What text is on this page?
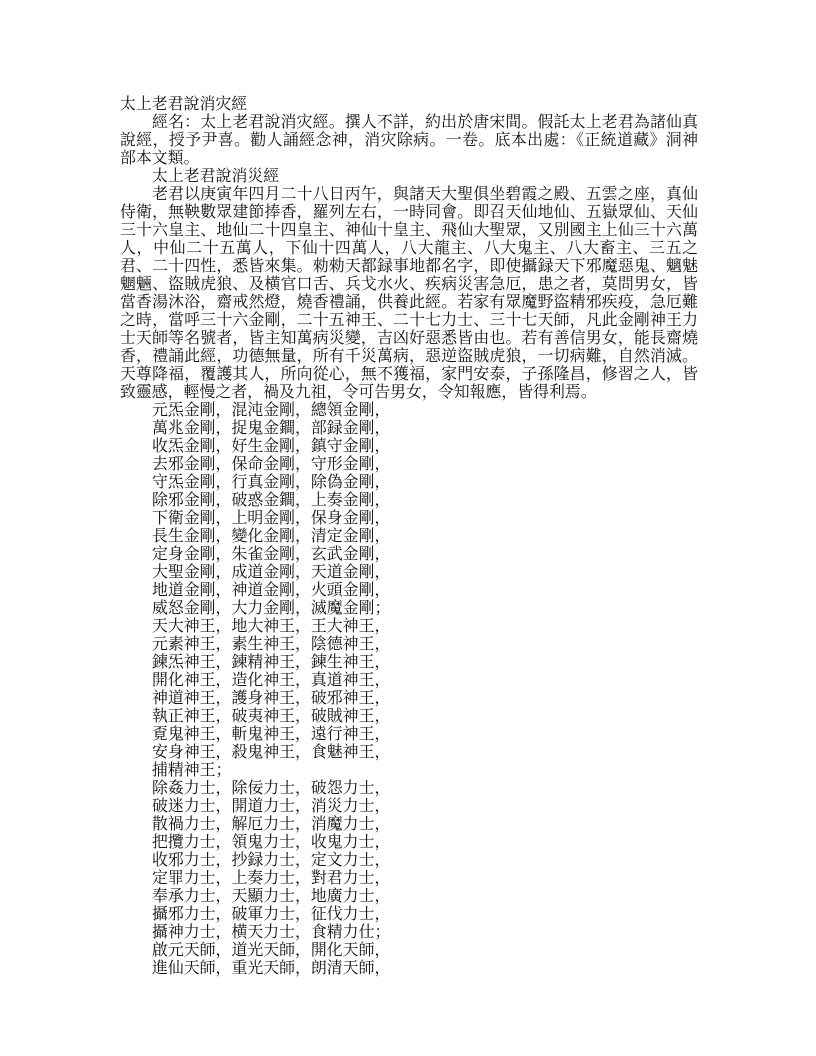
太上老君說消灾經

經名：太上老君說消灾經。撰人不詳，約出於唐宋間。假託太上老君為諸仙真說經，授予尹喜。勸人誦經念神，消灾除病。一卷。底本出處：《正統道藏》洞神部本文類。

太上老君說消災經

老君以庚寅年四月二十八日丙午，與諸天大聖俱坐碧霞之殿、五雲之座，真仙侍衛，無鞅數眾建節捧香，羅列左右，一時同會。即召天仙地仙、五嶽眾仙、天仙三十六皇主、地仙二十四皇主、神仙十皇主、飛仙大聖眾，又別國主上仙三十六萬人，中仙二十五萬人，下仙十四萬人，八大龍主、八大鬼主、八大畜主、三五之君、二十四性，悉皆來集。勑勑天都録事地都名字，即使攝録天下邪魔惡鬼、魑魅魍魎、盜賊虎狼、及横官口舌、兵戈水火、疾病災害急厄，患之者，莫問男女，皆當香湯沐浴，齋戒然燈，燒香禮誦，供養此經。若家有眾魔野盜精邪疾疫，急厄難之時，當呼三十六金剛，二十五神王、二十七力士、三十七天師，凡此金剛神王力士天師等名號者，皆主知萬病災變，吉凶好惡悉皆由也。若有善信男女，能長齋燒香，禮誦此經，功德無量，所有千災萬病，惡逆盜賊虎狼，一切病難，自然消滅。天尊降福，覆護其人，所向從心，無不獲福，家門安泰，子孫隆昌，修習之人，皆致靈感，輕慢之者，禍及九祖，令可告男女，令知報應，皆得利焉。

元炁金剛，混沌金剛，總領金剛，

萬兆金剛，捉鬼金鐧，部録金剛，

收炁金剛，好生金剛，鎮守金剛，

去邪金剛，保命金剛，守形金剛，

守炁金剛，行真金剛，除偽金剛，

除邪金剛，破惑金鐧，上奏金剛，

下衛金剛，上明金剛，保身金剛，

長生金剛，變化金剛，清定金剛，

定身金剛，朱雀金剛，玄武金剛，

大聖金剛，成道金剛，天道金剛，

地道金剛，神道金剛，火頭金剛，

威怒金剛，大力金剛，滅魔金剛；

天大神王，地大神王，王大神王，

元素神王，素生神王，陰德神王，

鍊炁神王，鍊精神王，鍊生神王，

開化神王，造化神王，真道神王，

神道神王，護身神王，破邪神王，

執正神王，破夷神王，破賊神王，

覔鬼神王，斬鬼神王，遠行神王，

安身神王，殺鬼神王，食魅神王，

捕精神王；

除姦力士，除佞力士，破怨力士，

破迷力士，開道力士，消災力士，

散禍力士，解厄力士，消魔力士，

把攬力士，領鬼力士，收鬼力士，

收邪力士，抄録力士，定文力士，

定罪力士，上奏力士，對君力士，

奉承力士，天顯力士，地廣力士，

攝邪力士，破軍力士，征伐力士，

攝神力士，横天力士，食精力仕；

啟元天師，道光天師，開化天師，

進仙天師，重光天師，朗清天師，
